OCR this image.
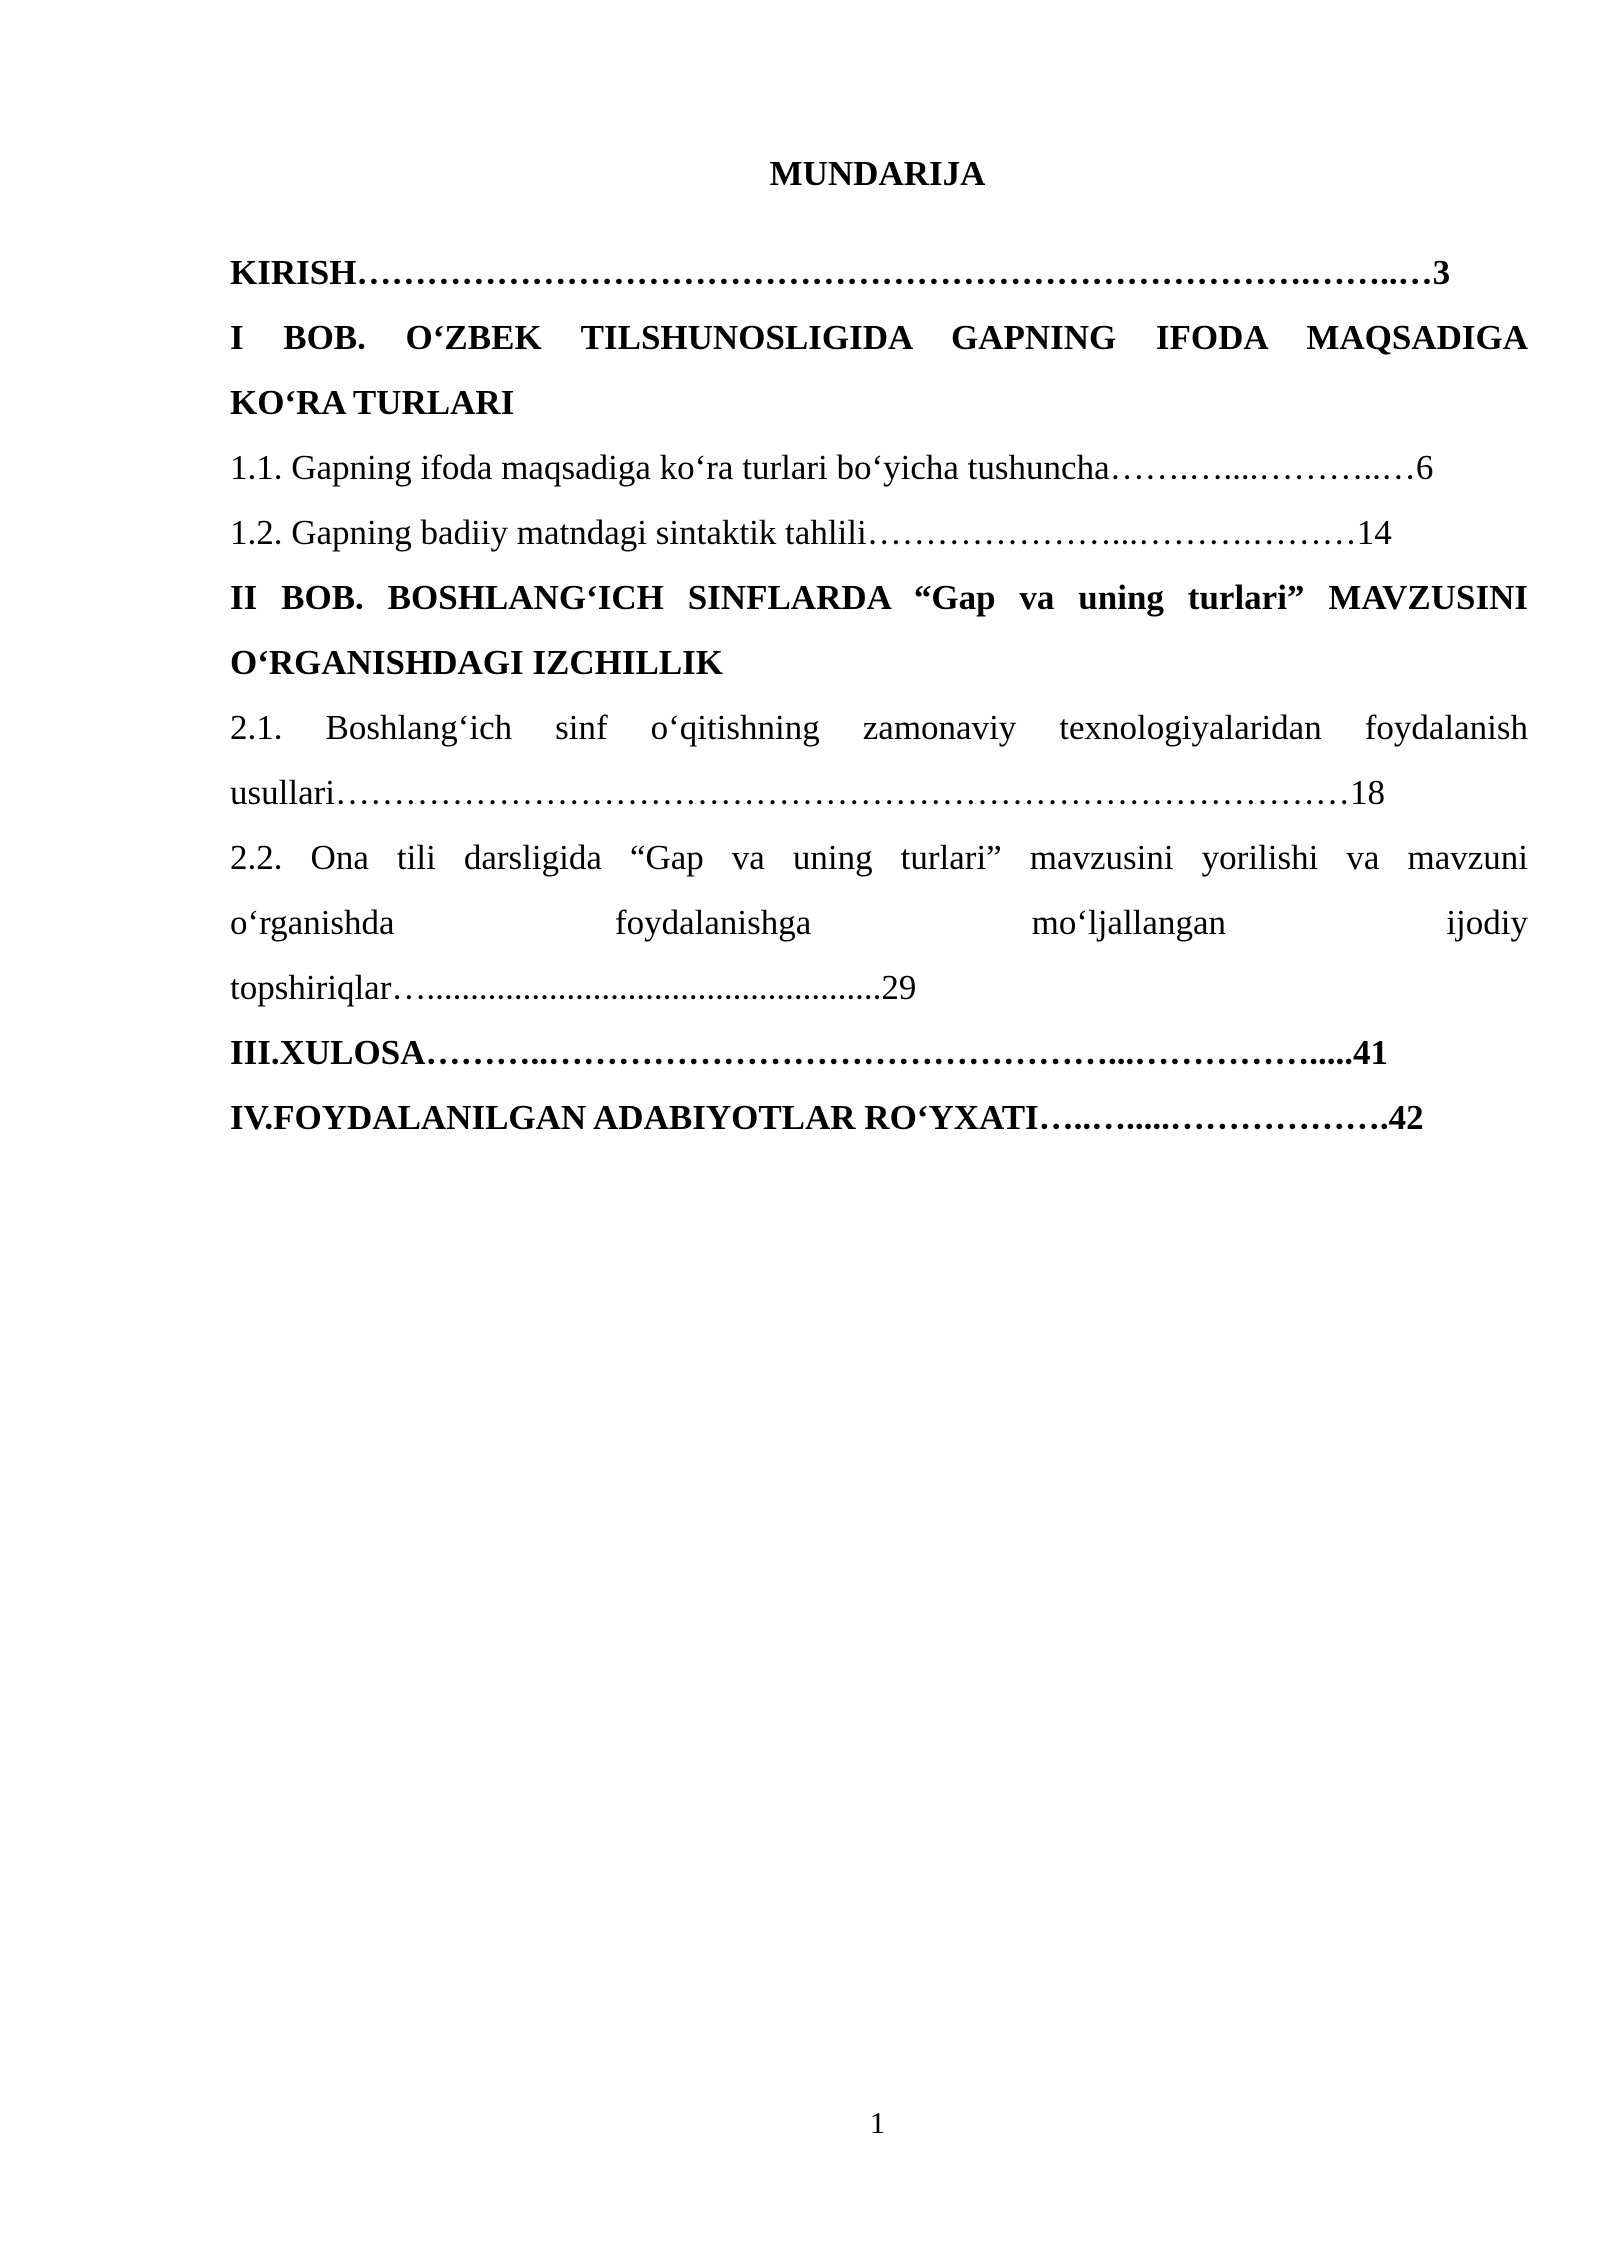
MUNDARIJA
KIRISH……………………………………………………………………….……..…3
I BOB. O‘ZBEK TILSHUNOSLIGIDA GAPNING IFODA MAQSADIGA
KO‘RA TURLARI
1.1. Gapning ifoda maqsadiga ko‘ra turlari bo‘yicha tushuncha…….…....………..…6
1.2. Gapning badiiy matndagi sintaktik tahlili…………………...……….………14
II BOB. BOSHLANG‘ICH SINFLARDA “Gap va uning turlari” MAVZUSINI
O‘RGANISHDAGI IZCHILLIK
2.1. Boshlang‘ich sinf o‘qitishning zamonaviy texnologiyalaridan foydalanish
usullari……………………………………………………………………………18
2.2. Ona tili darsligida “Gap va uning turlari” mavzusini yorilishi va mavzuni
o‘rganishda foydalanishga mo‘ljallangan ijodiy
topshiriqlar…....................................................29
III.XULOSA………..…………………………………………...…………….....41
IV.FOYDALANILGAN ADABIYOTLAR RO‘YXATI…..….....……………….42
1
